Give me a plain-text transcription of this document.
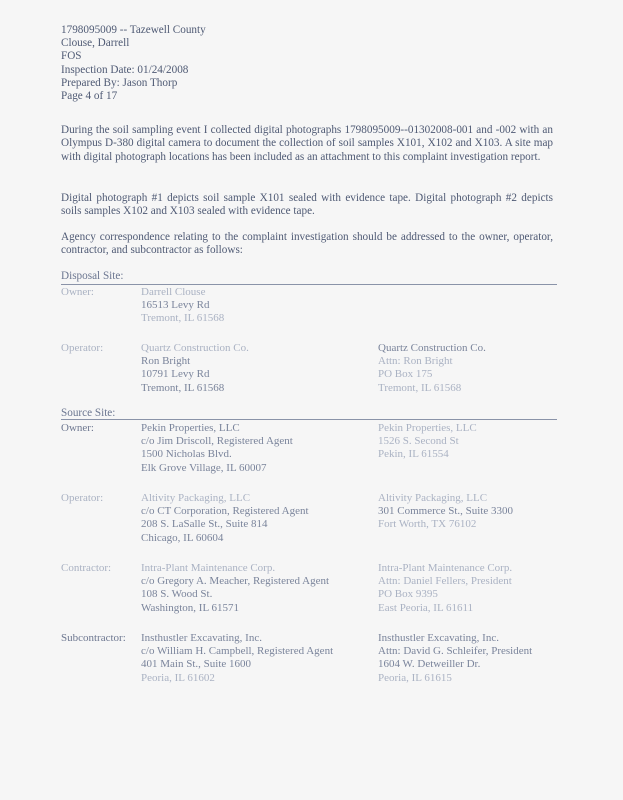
1798095009 -- Tazewell County
Clouse, Darrell
FOS
Inspection Date: 01/24/2008
Prepared By: Jason Thorp
Page 4 of 17
During the soil sampling event I collected digital photographs 1798095009--01302008-001 and -002 with an Olympus D-380 digital camera to document the collection of soil samples X101, X102 and X103. A site map with digital photograph locations has been included as an attachment to this complaint investigation report.
Digital photograph #1 depicts soil sample X101 sealed with evidence tape. Digital photograph #2 depicts soils samples X102 and X103 sealed with evidence tape.
Agency correspondence relating to the complaint investigation should be addressed to the owner, operator, contractor, and subcontractor as follows:
Disposal Site:
Owner:	Darrell Clouse
16513 Levy Rd
Tremont, IL 61568
Operator:	Quartz Construction Co.
Ron Bright
10791 Levy Rd
Tremont, IL 61568
Quartz Construction Co.
Attn: Ron Bright
PO Box 175
Tremont, IL 61568
Source Site:
Owner:	Pekin Properties, LLC
c/o Jim Driscoll, Registered Agent
1500 Nicholas Blvd.
Elk Grove Village, IL 60007
Pekin Properties, LLC
1526 S. Second St
Pekin, IL 61554
Operator:	Altivity Packaging, LLC
c/o CT Corporation, Registered Agent
208 S. LaSalle St., Suite 814
Chicago, IL 60604
Altivity Packaging, LLC
301 Commerce St., Suite 3300
Fort Worth, TX 76102
Contractor:	Intra-Plant Maintenance Corp.
c/o Gregory A. Meacher, Registered Agent
108 S. Wood St.
Washington, IL 61571
Intra-Plant Maintenance Corp.
Attn: Daniel Fellers, President
PO Box 9395
East Peoria, IL 61611
Subcontractor: Insthustler Excavating, Inc.
c/o William H. Campbell, Registered Agent
401 Main St., Suite 1600
Peoria, IL 61602
Insthustler Excavating, Inc.
Attn: David G. Schleifer, President
1604 W. Detweiller Dr.
Peoria, IL 61615
